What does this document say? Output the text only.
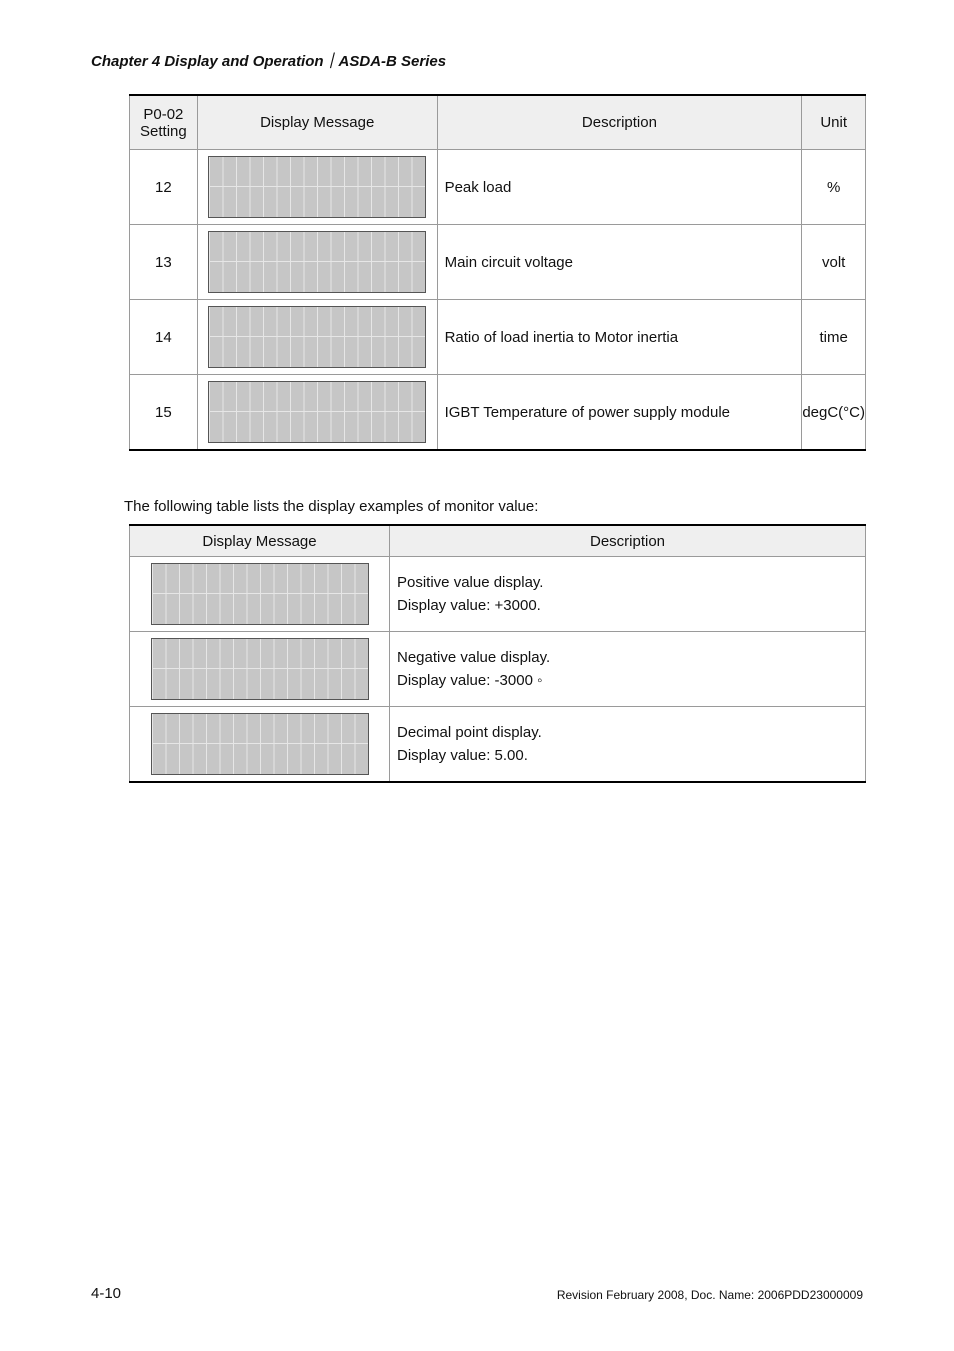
Chapter 4 Display and Operation｜ASDA-B Series
P0-02
Setting	Display Message	Description	Unit
12		Peak load	%
13		Main circuit voltage	volt
14		Ratio of load inertia to Motor inertia	time
15		IGBT Temperature of power supply module	degC(°C)
The following table lists the display examples of monitor value:
Display Message	Description

	Positive value display.
Display value: +3000.

	Negative value display.
Display value: -3000 ◦

	Decimal point display.
Display value: 5.00.
4-10	Revision February 2008, Doc. Name: 2006PDD23000009
